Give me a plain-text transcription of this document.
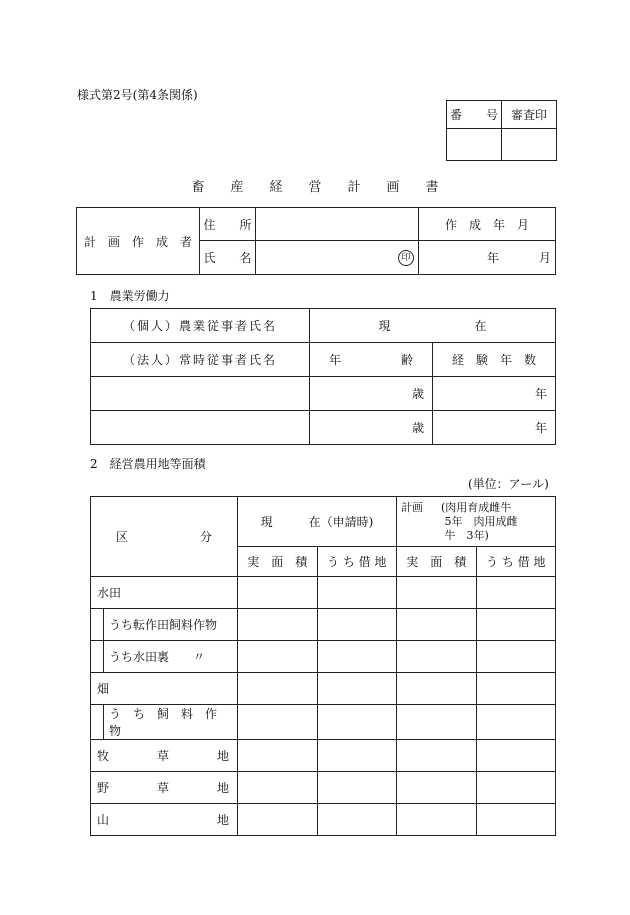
様式第2号(第4条関係)
番　　号	審査印

畜　　産　　経　　営　　計　　画　　書
計　画　作　成　者	住　　所		作　成　年　月
	氏　　名	印	年 月
1　農業労働力
（個人）農業従事者氏名	現　　　　　　　在	
（法人）常時従事者氏名	年　　　　　齢	経　験　年　数
	歳	年
	歳	年
2　経営農用地等面積
(単位：アール)
区　　　　　　分	現　　　在（申請時)		計画 (肉用育成雌牛
5年　肉用成雌
牛　3年)	
	実　面　積	う ち 借 地	実　面　積	う ち 借 地
水田				
うち転作田飼料作物				
うち水田裏　　〃				
畑				
う　ち　飼　料　作　物				
牧　　　　草　　　　地				
野　　　　草　　　　地				
山　　　　　　　　　地				
